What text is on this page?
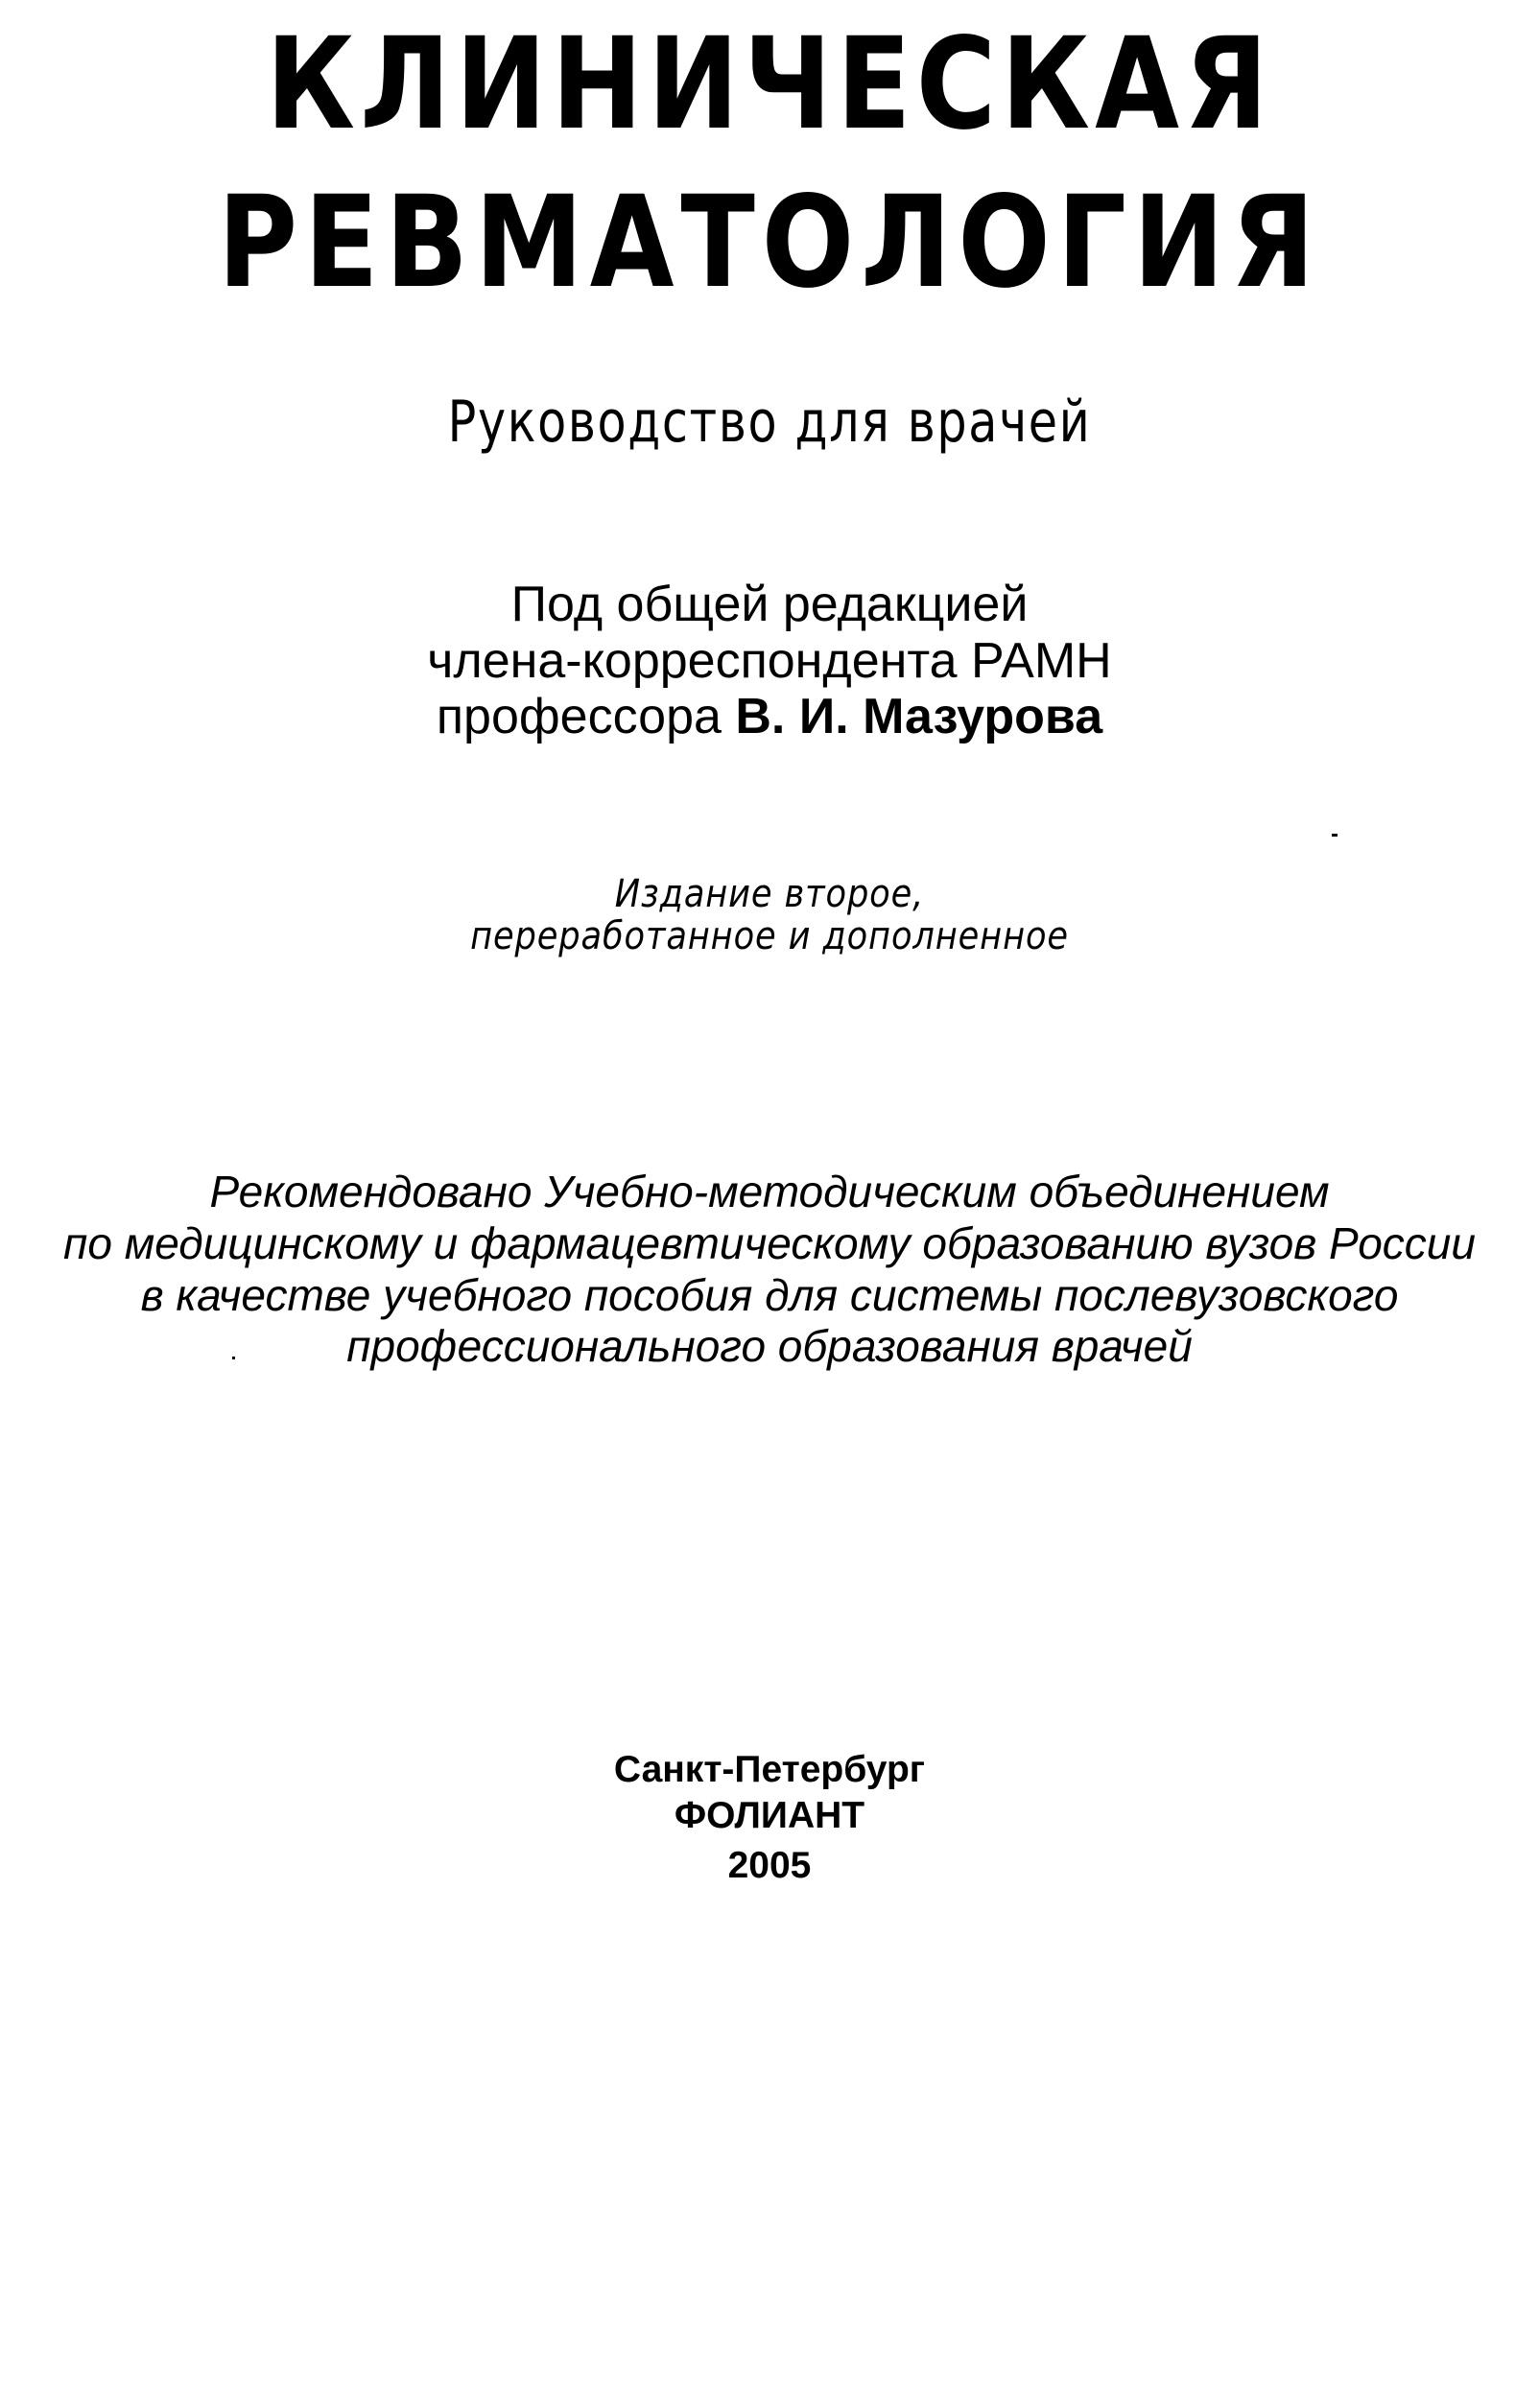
КЛИНИЧЕСКАЯ
РЕВМАТОЛОГИЯ
Руководство для врачей
Под общей редакцией
члена-корреспондента РАМН
профессора В. И. Мазурова
Издание второе,
переработанное и дополненное
Рекомендовано Учебно-методическим объединением
по медицинскому и фармацевтическому образованию вузов России
в качестве учебного пособия для системы послевузовского
профессионального образования врачей
Санкт-Петербург
ФОЛИАНТ
2005
